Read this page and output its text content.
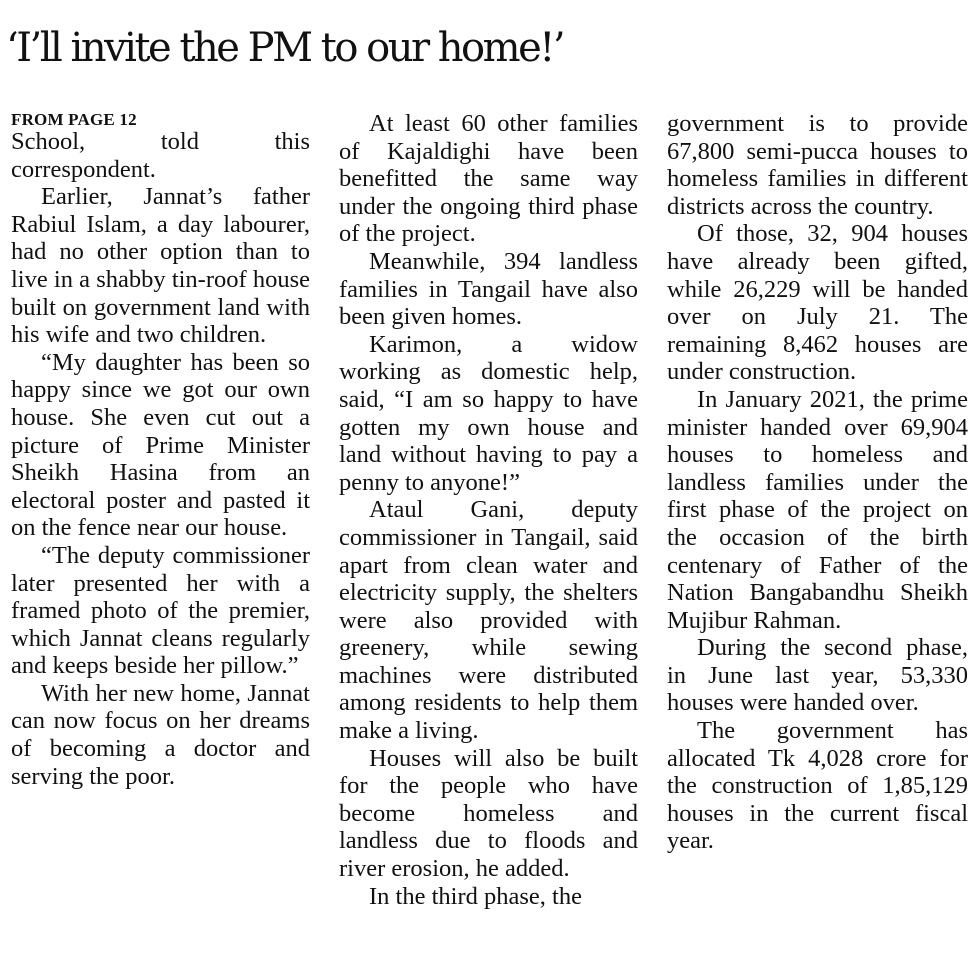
‘I’ll invite the PM to our home!’
FROM PAGE 12

School, told this correspondent.

Earlier, Jannat’s father Rabiul Islam, a day labourer, had no other option than to live in a shabby tin-roof house built on government land with his wife and two children.

“My daughter has been so happy since we got our own house. She even cut out a picture of Prime Minister Sheikh Hasina from an electoral poster and pasted it on the fence near our house.

“The deputy commissioner later presented her with a framed photo of the premier, which Jannat cleans regularly and keeps beside her pillow.”

With her new home, Jannat can now focus on her dreams of becoming a doctor and serving the poor.

At least 60 other families of Kajaldighi have been benefitted the same way under the ongoing third phase of the project.

Meanwhile, 394 landless families in Tangail have also been given homes.

Karimon, a widow working as domestic help, said, “I am so happy to have gotten my own house and land without having to pay a penny to anyone!”

Ataul Gani, deputy commissioner in Tangail, said apart from clean water and electricity supply, the shelters were also provided with greenery, while sewing machines were distributed among residents to help them make a living.

Houses will also be built for the people who have become homeless and landless due to floods and river erosion, he added.

In the third phase, the

government is to provide 67,800 semi-pucca houses to homeless families in different districts across the country.

Of those, 32, 904 houses have already been gifted, while 26,229 will be handed over on July 21. The remaining 8,462 houses are under construction.

In January 2021, the prime minister handed over 69,904 houses to homeless and landless families under the first phase of the project on the occasion of the birth centenary of Father of the Nation Bangabandhu Sheikh Mujibur Rahman.

During the second phase, in June last year, 53,330 houses were handed over.

The government has allocated Tk 4,028 crore for the construction of 1,85,129 houses in the current fiscal year.
